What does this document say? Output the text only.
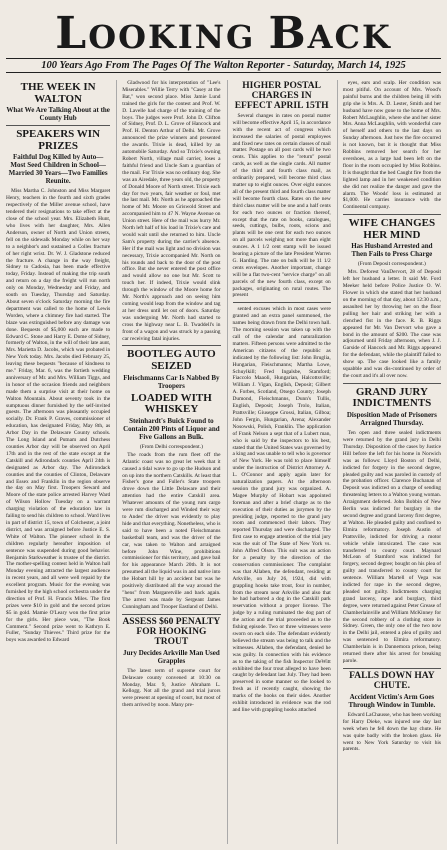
LOOKING BACK
100 Years Ago From The Pages Of The Walton Reporter - Saturday, March 14, 1925
THE WEEK IN WALTON
What We Are Talking About at the County Hub
SPEAKERS WIN PRIZES
Faithful Dog Killed by Auto—Most Seed Children in School—Married 30 Years—Two Families Reunite.

Miss Martha C. Johnston and Miss Margaret Henry, teachers in the fourth and sixth grades respectively of the Miller avenue school, have tendered their resignations to take effect at the close of the school year. Mrs. Elizabeth Hunt, who lives with her daughter, Mrs. Allen Anderson, owner of North and Union streets, fell on the sidewalk Monday while on her way to a neighbor's and sustained a Colles fracture of her right wrist. Dr. W. J. Gladstone reduced the fracture. A change in the way freight, Sidney to Cadosia, has been made effective today, Friday. Instead of making the trip south and return on a day the freight will run north only on Monday, Wednesday and Friday, and south on Tuesday, Thursday and Saturday. About seven o'clock Saturday morning the fire department was called to the home of Lewis Worden, where a chimney fire had started. The blaze was extinguished before any damage was done. Bequests of $5,000 each are made to Edward C. Stone and Harry E. Dome of Sidney, formerly of Walton, in the will of their late aunt, Mrs. Marietta D. Jacobs, which was probated in New York today. Mrs. Jacobs died February 25, leaving these bequests "because of kindness to me." Friday, Mar. 6, was the fortieth wedding anniversary of Mr. and Mrs. William Tiggs, and in honor of the occasion friends and neighbors made them a surprise visit at their home on Walton Mountain. About seventy took in the sumptuous dinner furnished by the self-invited guests. The afternoon was pleasantly occupied socially. Dr. Frank P. Graves, commissioner of education, has designated Friday, May 8th, as Arbor Day in the Delaware County schools. The Long Island and Putnam and Dutchess counties Arbor day will be observed on April 17th and in the rest of the state except at the Catskill and Adirondack counties April 24th is designated as Arbor day. The Adirondack counties and the counties of Clinton, Delaware and Essex and Franklin in the region observe the day on May first. Troopers Seward and Moore of the state police arrested Harvey Ward of Wilson Hollow Tuesday on a warrant charging violation of the education law in failing to send his children to school. Ward lives in part of district 15, town of Colchester, a joint district, and was arraigned before Justice E. S. White of Walton. The pioneer school in the children regularly hereafter imposition of sentence was suspended during good behavior. Benjamin Starkweather is trustee of the district. The mother-spelling contest held in Walton hall Monday evening attracted the largest audience in recent years, and all were well repaid by the excellent program. Music for the evening was furnished by the high school orchestra under the direction of Prof. H. Francis Miles. The first prizes were $10 in gold and the second prizes $5 in gold. Mamie O'Leary won the first prize for the girls. Her piece was, "The Book Comment." Second prize went to Kathryn E. Fuller, "Sunday Thieves." Third prize for the boys was awarded to Edward

Gladwood for his interpretation of "Lee's Miserables." Willie Terry with "Casey at the Bat," won second place. Miss Jamie Lund trained the girls for the contest and Prof. W. D. Lavelle had charge of the training of the boys. The judges were Prof. John D. Clifton of Sidney, Prof. D. L. Grove of Hancock and Prof. H. Denton Arthur of Delhi. Mr. Grove announced the prize winners and presented the awards. Trixie is dead, killed by an automobile Saturday. And so Trixie's owning Robert North, village mail carrier, loses a faithful friend and Uncle Sam a guardian of the mail. For Trixie was no ordinary dog. She was an Airedale, three years old, the property of Donald Moore of North street. Trixie each day for two years, fair weather or foul, met the last mail. Mr. North as he approached the home of Mr. Moore on Griswold Street and accompanied him to 47 N. Wayne Avenue on Union street. Here of the mail was hurry Mr. North left half of his load in Trixie's care and would wait until she returned to him. Uncle Sam's property during the carrier's absence. Her if the mail was light and no division was necessary, Trixie accompanied Mr. North on his rounds and back to the door of the post office. But she never entered the post office and would allow no one but Mr. Scott to touch her. If indeed, Trixie would slink through the window of the Moore home for Mr. North's approach and on seeing him coming would leap from the window and tag at her dress until let out of doors. Saturday was undergoing Mr. North had started to cross the highway near L. B. Twaddell's in front of a wagon and was struck by a passing car receiving fatal injuries.

BOOTLEG AUTO SEIZED
Fleischmanns Car Is Nabbed By Troopers
LOADED WITH WHISKEY
Steinhardt's Buick Found to Contain 200 Pints of Liquor and Five Gallons an Bulk.
(From Delhi correspondent.)

The roads from the rum fleet off the Atlantic coast was no great let week that it caused a tidal wave to go up the Hudson and on up into the northern Catskills. At least that Fisher's gone and Fuller's State troopers drove down the Little Delaware and their attention had the entire Catskill area. Whatever amounts of the young rum cargo were rum discharged and Winded their way to Andes' the driver was evidently to play hide and that everything. Nonetheless, who is said to have been a noted Fleischmanns basketball team, and was the driver of the car, was taken to Walton and arraigned before John Wine, prohibitions commissioner for this territory, and gave bail for his appearance March 20th. It is not presumed all the liquid was in and native into the Hobart hill by an accident but was he positively distributed all the way around the "hens" from Margaretville and back again. The arrest was made by Sergeant James Cunningham and Trooper Eastland of Delhi.

ASSESS $60 PENALTY FOR HOOKING TROUT
Jury Decides Arkville Man Used Grapples

The latest term of supreme court for Delaware county convened at 10:30 on Monday, Mar. 9, Justice Abraham L. Kellogg. Not all the grand and trial jurors were present at opening of court, but most of them arrived by noon. Many pre-

HIGHER POSTAL CHARGES IN EFFECT APRIL 15TH

Several changes in rates on postal matter will become effective April 15, in accordance with the recent act of congress which increased the salaries of postal employees and fixed new rates on certain classes of mail matter. Postage on all post cards will be two cents. This applies to the "return" postal cards, as well as the single cards. All matter of the third and fourth class mail, as ordinarily prepared, will become third class matter up to eight ounces. Over eight ounces all of the present third and fourth class matter will become fourth class. Rates on the new third class matter will be one and a half cents for each two ounces or fraction thereof, except that the rate on books, catalogues, seeds, cuttings, bulbs, roots, scions and plants will be one cent for each two ounces on all parcels weighing not more than eight ounces. A 1 1/2 cent stamp will be issued bearing a picture of the late President Warren G. Harding. The rate on bulk will be 11 1/2 cents envelopes. Another important, change will be a flat two-cent "service charge" on all parcels of the new fourth class, except on packages, originating on rural routes. The present

sented excuses which in most cases were granted and an extra panel summoned, the names being drawn from the Delhi town hall. The morning session was taken up with the call of the calendar and naturalization matters. Fifteen persons were admitted to the American citizens of the republic as indicated by the following list: John Bruglia, Hungarian, Fleischmanns; Martha Lowe, Schuylkill; Fred Ingalsbe, Stamford; Fiaccolo Maaoli, Hungarian, Halcottsville; William J. Vigan, English, Deposit; Gilbert A. Forbes, Scotland, Otsego County; Joseph Dumond, Fleischmanns, Dunn's Tullis, English, Deposit; Joseph Trolo, Italian, Prattsville; Giuseppe Grossi, Italian, Gilboa; John Fergin, Hungarian, Arena; Alexander Nosowski, Polish, Franklin. The application of Frank Nelson a sept that of a Lubert man, who is said by the inspectors to his best, stated that the United States was governed by a king and was unable to tell who is governor of New York. He was told to place himself under the instruction of District Attorney A. L. O'Connor and apply again later for naturalization papers. At the afternoon session the grand jury was organized. A. Magee Murphy of Hobart was appointed foreman and after a brief charge as to the execution of their duties as jurymen by the presiding judge, reported to the grand jury room and commenced their labors. They reported Thursday and were discharged. The first case to engage attention of the trial jury was the suit of The State of New York vs. John Alfred Olson. This suit was an action for a penalty by the direction of the conservation commissioner. The complaint was that Allaben, the defendant, residing at Arkville, on July 26, 1924, did with grappling hooks take trout, four in number, from the stream near Arkville and also that he had harbored a dog in the Catskill park reservation without a proper license. The judge by a ruling ruminated the dog part of the action and the trial proceeded as to the fishing episode. Two or three witnesses were sworn on each side. The defendant evidently believed the stream was being to talk and the witnesses. Allaben, the defendant, denied he was guilty. In connection with his evidence as to the taking of the fish Inspector DeWitt exhibited the four trout alleged to have been caught by defendant last July. They had been preserved in some manner so the looked to fresh as if recently caught, showing the marks of the hooks on their sides. Another exhibit introduced in evidence was the rod and line with grappling hooks attached

eyes, ears and scalp. Her condition was most pitiful. On account of Mrs. Wood's painful burns and the children being ill with grip she is Mrs. A. D. Lester, Smith and her husband have now gone to the home of Mrs. Robert McLaughlin, where she and her sister Mrs. Anna McLaughlin, with wonderful care of herself and others to the last days on Sunday afternoon. Just how the fire occurred is not known, but it is thought that Miss Robbins removed her search for her overshoes, as a large had been left on the floor in the room occupied by Miss Robbins. It is thought that the bed Caught fire from the lighted lamp and in her weakened condition she did not realize the danger and gave the alarm. The Woods' loss is estimated at $1,000. He carries insurance with the Continental company.

WIFE CHANGES HER MIND
Has Husband Arrested and Then Fails to Press Charge
(From Deposit correspondent.)

Mrs. Deforest VanDervort, 28 of Deposit left her husband a letter. It said Mr. Ford Meeker held before Police Justice O. W. Flower in which she stated that her husband on the morning of that day, about 12:30 a.m., assaulted her by throwing her on the floor pulling her hair and striking her with a clenched fist in the face. R. B. Riggs appeared for Mr. Van Dervort who gave a bond in the amount of $200. The case was adjourned until Friday afternoon, when J. J. Garside of Hancock and Mr. Riggs appeared for the defendant, while the plaintiff failed to show up. The case looked like a family squabble and was dis-continued by order of the court and it's all over now.

GRAND JURY INDICTMENTS
Disposition Made of Prisoners Arraigned Thursday.

Ten open and three sealed indictments were returned by the grand jury in Delhi Thursday. Disposition of the cases by Justice Hill before the left for his home in Norwich was as follows: Lloyd Boston of Delhi, indicted for forgery in the second degree, pleaded guilty and was paroled in custody of the probation officer. Clarence Buchanan of Deposit was indicted on a charge of sending threatening letters to a Walton young woman. Arraignment deferred. John Bobbin of New Berlin was indicted for burglary in the second degree and grand larceny first degree, at Walton. He pleaded guilty and confined to Elmira reformatory. Joseph Austin of Prattsville, indicted for driving a motor vehicle while intoxicated. The case was transferred to county court. Maynard McLean of Stamford was indicted for forgery, second degree; bought on his plea of guilty and transferred to county court for sentence. William Martell of Vega was indicted for rape in the second degree, pleaded not guilty. Indictments charging grand larceny, rape and burglary, third degree, were returned against Peter Grease of Chamberlainville and William McKinney for the second robbery of a clothing store in Sidney. Green, the only one of the two now in the Delhi jail, entered a plea of guilty and was sentenced to Elmira reformatory. Chamberlain is in Dannemora prison, being returned there after his arrest for breaking parole.

FALLS DOWN HAY CHUTE.
Accident Victim's Arm Goes Through Window in Tumble.

Edward LaChausse, who has been working for Harry Dieke, was injured one day last week when he fell down the hay chute. He was quite badly with the broken glass. He went to New York Saturday to visit his parents.
